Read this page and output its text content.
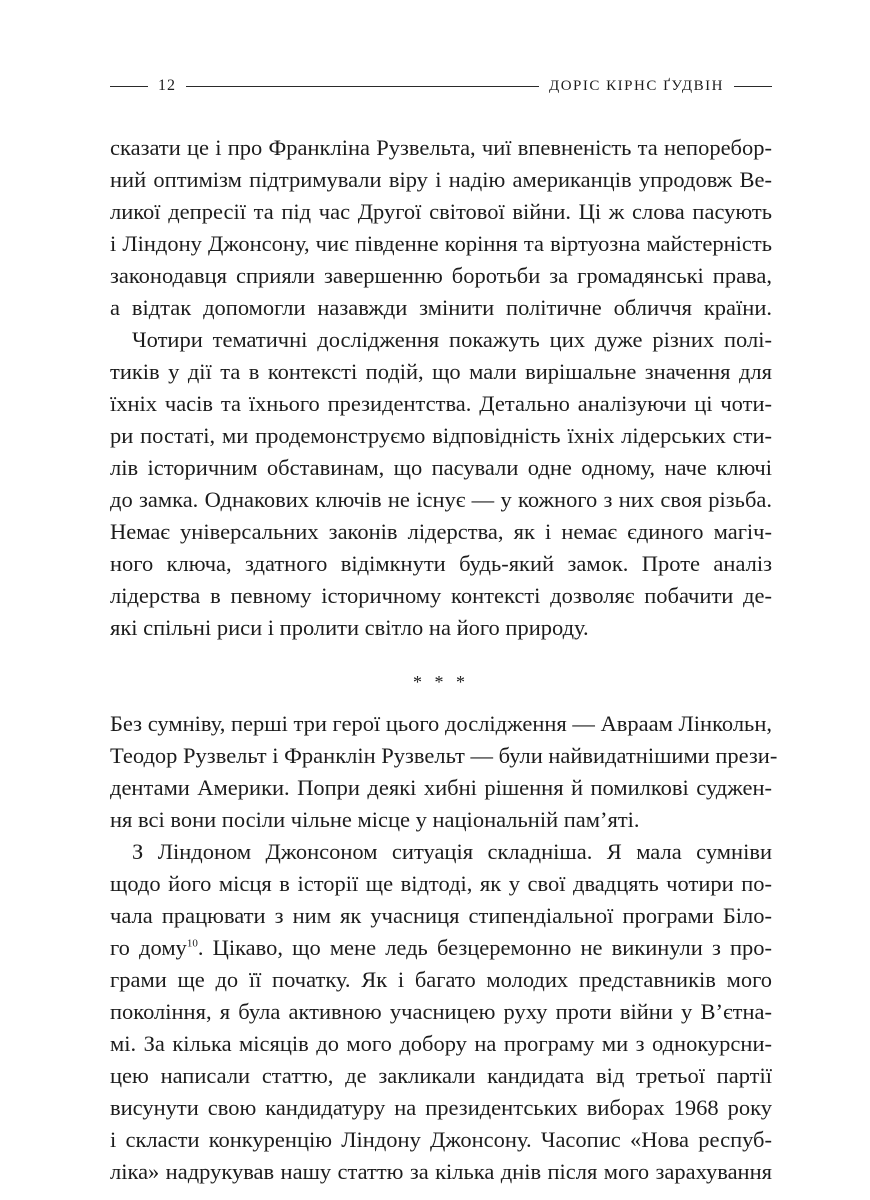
12	ДОРІС КІРНС ҐУДВІН
сказати це і про Франкліна Рузвельта, чиї впевненість та непоребор-
ний оптимізм підтримували віру і надію американців упродовж Ве-
ликої депресії та під час Другої світової війни. Ці ж слова пасують
і Ліндону Джонсону, чиє південне коріння та віртуозна майстерність
законодавця сприяли завершенню боротьби за громадянські права,
а відтак допомогли назавжди змінити політичне обличчя країни.
Чотири тематичні дослідження покажуть цих дуже різних полі-
тиків у дії та в контексті подій, що мали вирішальне значення для
їхніх часів та їхнього президентства. Детально аналізуючи ці чоти-
ри постаті, ми продемонструємо відповідність їхніх лідерських сти-
лів історичним обставинам, що пасували одне одному, наче ключі
до замка. Однакових ключів не існує — у кожного з них своя різьба.
Немає універсальних законів лідерства, як і немає єдиного магіч-
ного ключа, здатного відімкнути будь-який замок. Проте аналіз
лідерства в певному історичному контексті дозволяє побачити де-
які спільні риси і пролити світло на його природу.
* * *
Без сумніву, перші три герої цього дослідження — Авраам Лінкольн,
Теодор Рузвельт і Франклін Рузвельт — були найвидатнішими прези-
дентами Америки. Попри деякі хибні рішення й помилкові суджен-
ня всі вони посіли чільне місце у національній пам’яті.
З Ліндоном Джонсоном ситуація складніша. Я мала сумніви
щодо його місця в історії ще відтоді, як у свої двадцять чотири по-
чала працювати з ним як учасниця стипендіальної програми Біло-
го дому$^{10}$. Цікаво, що мене ледь безцеремонно не викинули з про-
грами ще до її початку. Як і багато молодих представників мого
покоління, я була активною учасницею руху проти війни у В’єтна-
мі. За кілька місяців до мого добору на програму ми з однокурсни-
цею написали статтю, де закликали кандидата від третьої партії
висунути свою кандидатуру на президентських виборах 1968 року
і скласти конкуренцію Ліндону Джонсону. Часопис «Нова респуб-
ліка» надрукував нашу статтю за кілька днів після мого зарахування
